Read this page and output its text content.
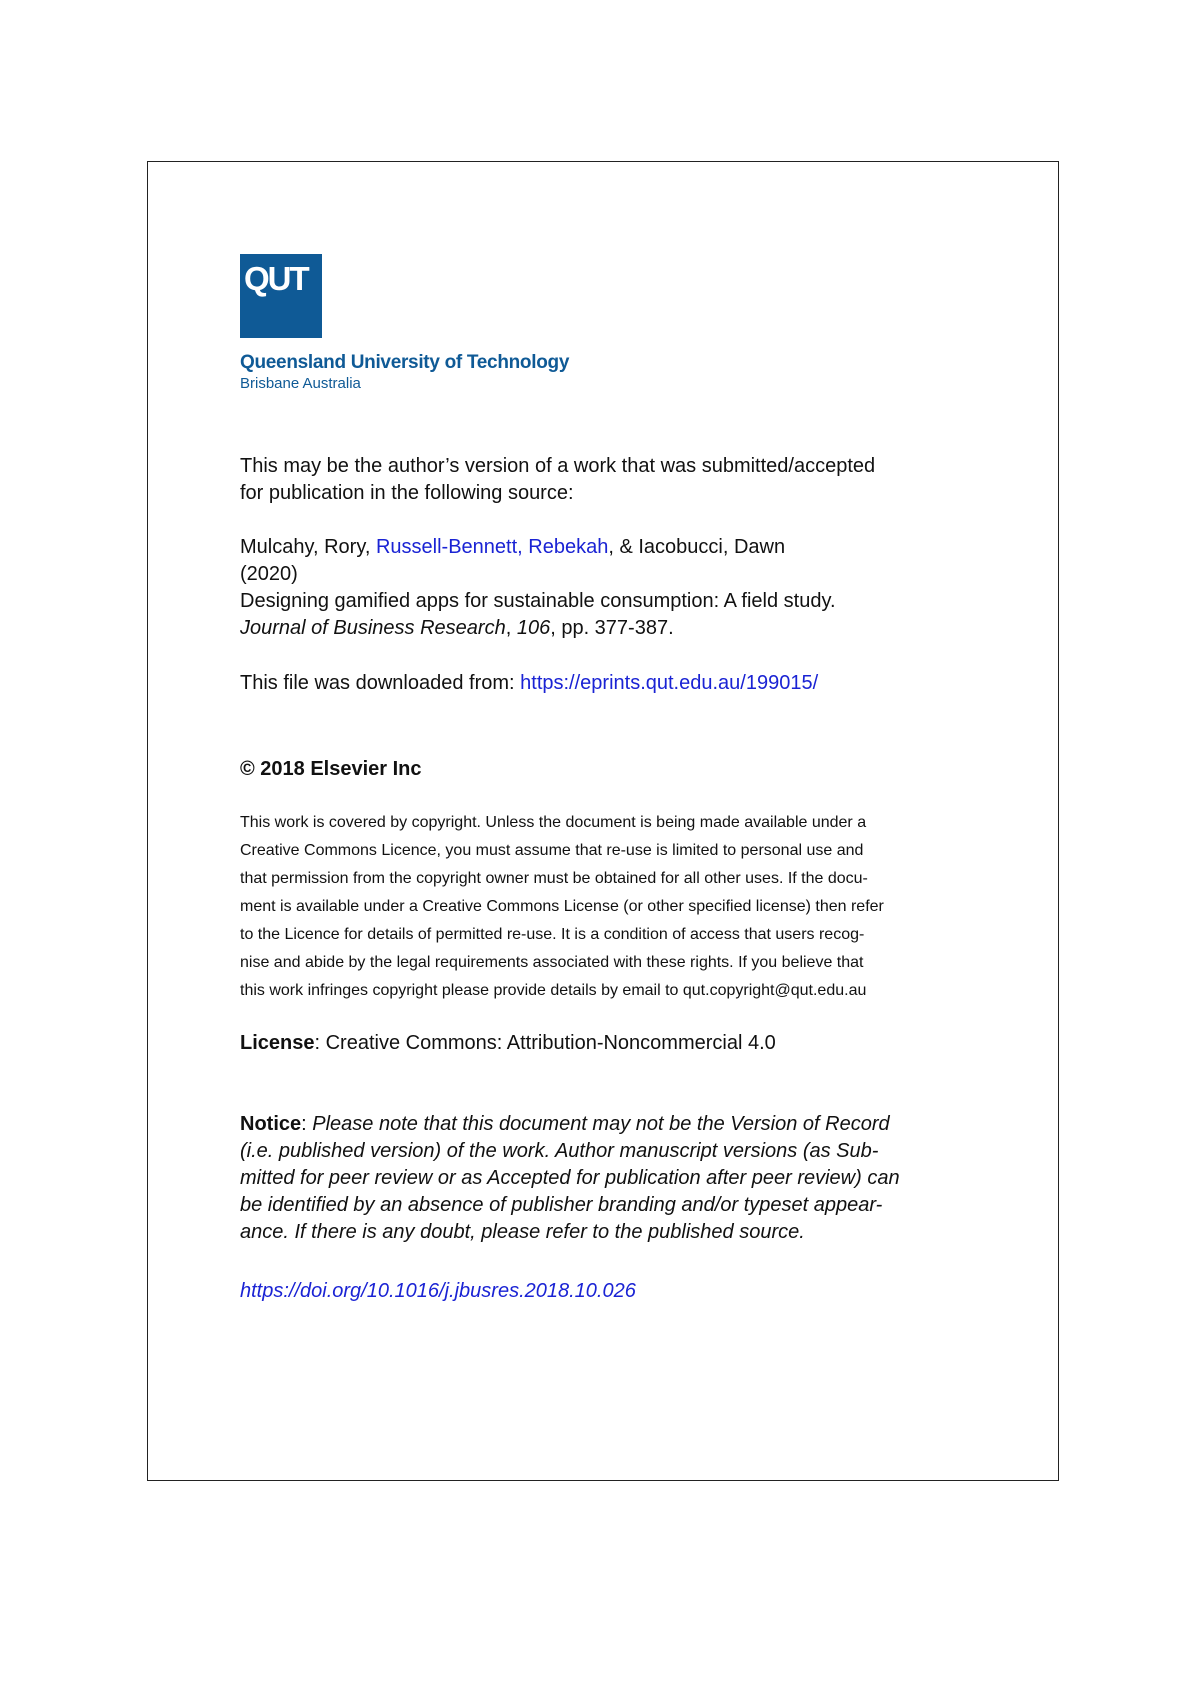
QUT
Queensland University of Technology
Brisbane Australia
This may be the author’s version of a work that was submitted/accepted
for publication in the following source:
Mulcahy, Rory, Russell-Bennett, Rebekah, & Iacobucci, Dawn
(2020)
Designing gamified apps for sustainable consumption: A field study.
Journal of Business Research, 106, pp. 377-387.
This file was downloaded from: https://eprints.qut.edu.au/199015/
© 2018 Elsevier Inc
This work is covered by copyright. Unless the document is being made available under a
Creative Commons Licence, you must assume that re-use is limited to personal use and
that permission from the copyright owner must be obtained for all other uses. If the docu-
ment is available under a Creative Commons License (or other specified license) then refer
to the Licence for details of permitted re-use. It is a condition of access that users recog-
nise and abide by the legal requirements associated with these rights. If you believe that
this work infringes copyright please provide details by email to qut.copyright@qut.edu.au
License: Creative Commons: Attribution-Noncommercial 4.0
Notice: Please note that this document may not be the Version of Record
(i.e. published version) of the work. Author manuscript versions (as Sub-
mitted for peer review or as Accepted for publication after peer review) can
be identified by an absence of publisher branding and/or typeset appear-
ance. If there is any doubt, please refer to the published source.
https://doi.org/10.1016/j.jbusres.2018.10.026
